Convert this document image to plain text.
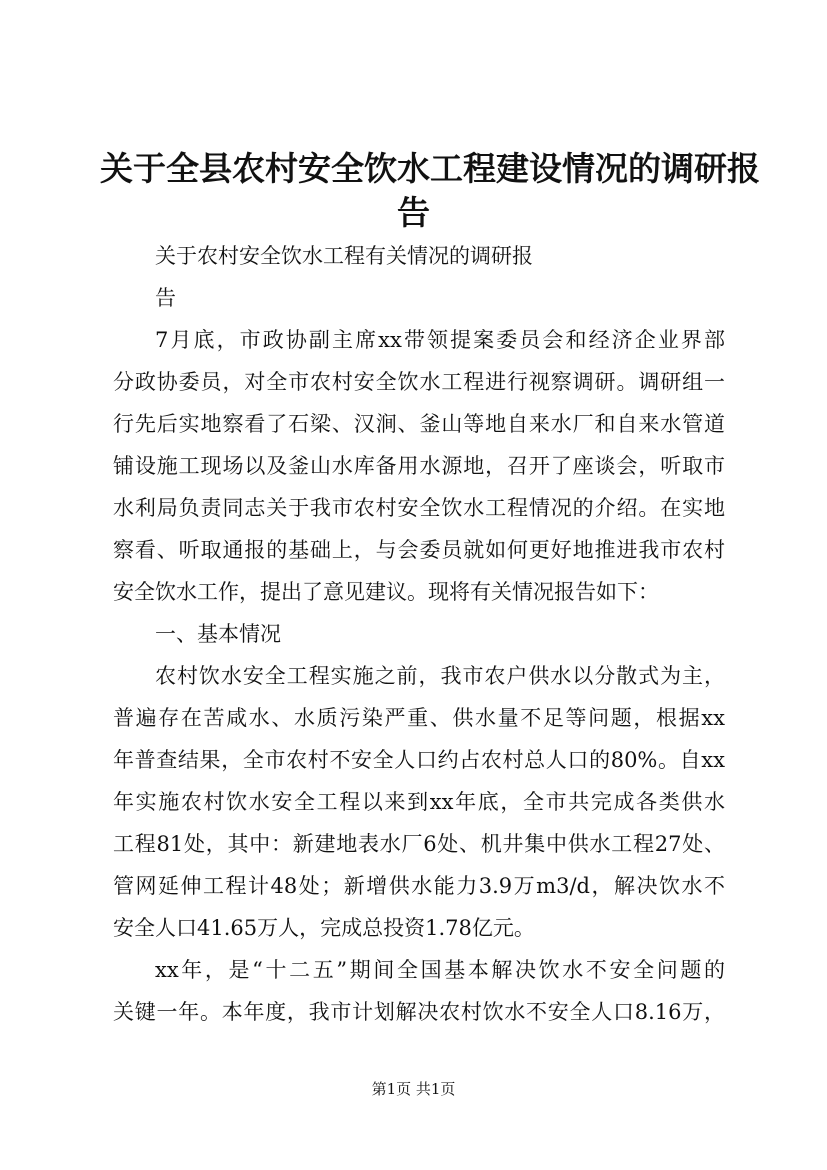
关于全县农村安全饮水工程建设情况的调研报
告
关于农村安全饮水工程有关情况的调研报
告
7月底，市政协副主席xx带领提案委员会和经济企业界部
分政协委员，对全市农村安全饮水工程进行视察调研。调研组一
行先后实地察看了石梁、汉涧、釜山等地自来水厂和自来水管道
铺设施工现场以及釜山水库备用水源地，召开了座谈会，听取市
水利局负责同志关于我市农村安全饮水工程情况的介绍。在实地
察看、听取通报的基础上，与会委员就如何更好地推进我市农村
安全饮水工作，提出了意见建议。现将有关情况报告如下：
一、基本情况
农村饮水安全工程实施之前，我市农户供水以分散式为主，
普遍存在苦咸水、水质污染严重、供水量不足等问题，根据xx
年普查结果，全市农村不安全人口约占农村总人口的80%。自xx
年实施农村饮水安全工程以来到xx年底，全市共完成各类供水
工程81处，其中：新建地表水厂6处、机井集中供水工程27处、
管网延伸工程计48处；新增供水能力3.9万m3/d，解决饮水不
安全人口41.65万人，完成总投资1.78亿元。
xx年，是“十二五”期间全国基本解决饮水不安全问题的
关键一年。本年度，我市计划解决农村饮水不安全人口8.16万，
第1页 共1页
